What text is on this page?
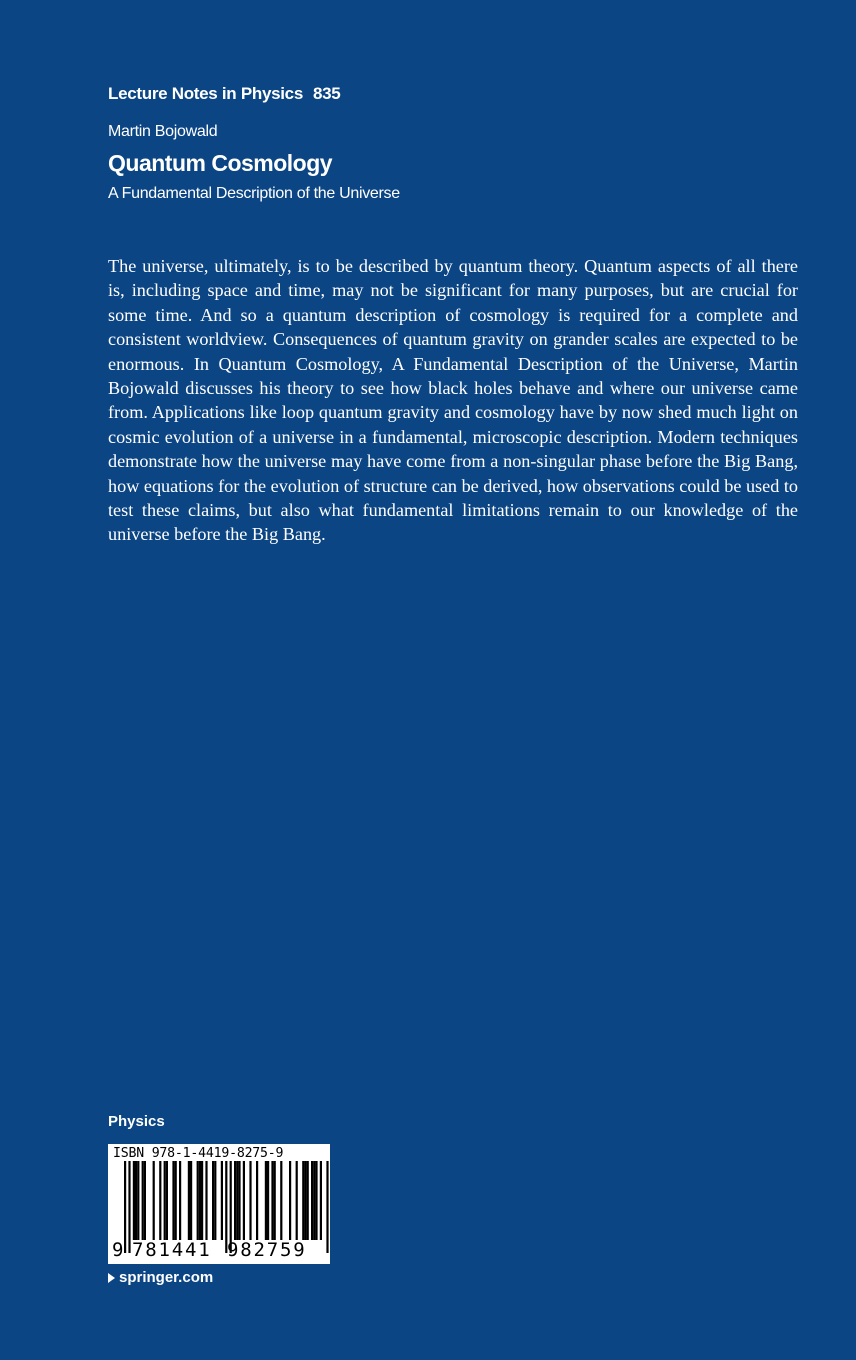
Lecture Notes in Physics 835
Martin Bojowald
Quantum Cosmology
A Fundamental Description of the Universe

The universe, ultimately, is to be described by quantum theory. Quantum aspects of all there is, including space and time, may not be significant for many purposes, but are crucial for some time. And so a quantum description of cosmology is required for a complete and consistent worldview. Consequences of quantum gravity on grander scales are expected to be enormous. In Quantum Cosmology, A Fundamental Description of the Universe, Martin Bojowald discusses his theory to see how black holes behave and where our universe came from. Applications like loop quantum gravity and cosmology have by now shed much light on cosmic evolution of a universe in a fundamental, microscopic description. Modern techniques demonstrate how the universe may have come from a non-singular phase before the Big Bang, how equations for the evolution of structure can be derived, how observations could be used to test these claims, but also what fundamental limitations remain to our knowledge of the universe before the Big Bang.

Physics
ISBN 978-1-4419-8275-9
9 781441 982759
springer.com
